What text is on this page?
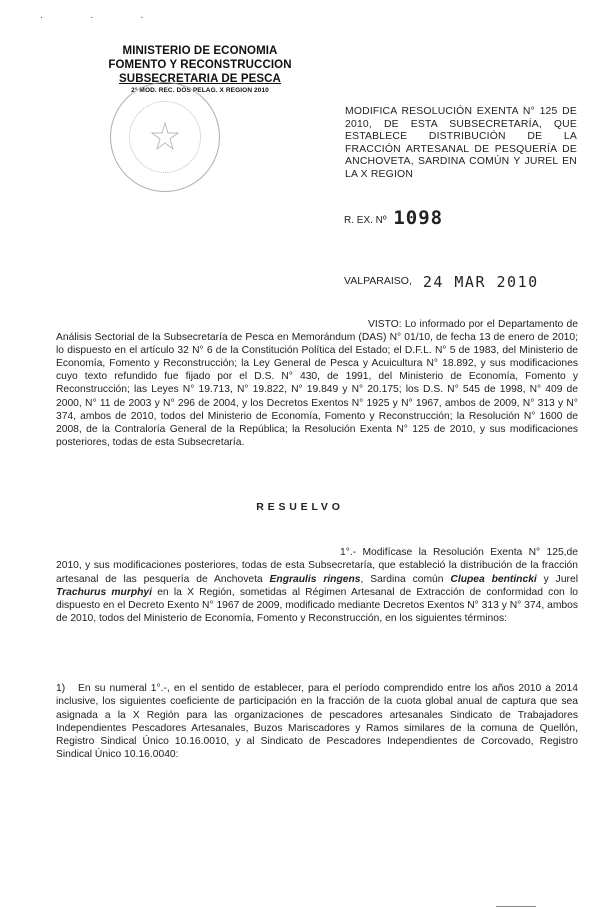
· · ·
MINISTERIO DE ECONOMIA
FOMENTO Y RECONSTRUCCION
SUBSECRETARIA DE PESCA
2° MOD. REC. DOS PELAG. X REGION 2010
MODIFICA RESOLUCIÓN EXENTA N° 125 DE 2010, DE ESTA SUBSECRETARÍA, QUE ESTABLECE DISTRIBUCIÓN DE LA FRACCIÓN ARTESANAL DE PESQUERÍA DE ANCHOVETA, SARDINA COMÚN Y JUREL EN LA X REGION
R. EX. Nº 1098
VALPARAISO, 24 MAR 2010
VISTO: Lo informado por el Departamento de Análisis Sectorial de la Subsecretaría de Pesca en Memorándum (DAS) N° 01/10, de fecha 13 de enero de 2010; lo dispuesto en el artículo 32 N° 6 de la Constitución Política del Estado; el D.F.L. N° 5 de 1983, del Ministerio de Economía, Fomento y Reconstrucción; la Ley General de Pesca y Acuicultura N° 18.892, y sus modificaciones cuyo texto refundido fue fijado por el D.S. N° 430, de 1991, del Ministerio de Economía, Fomento y Reconstrucción; las Leyes N° 19.713, N° 19.822, N° 19.849 y N° 20.175; los D.S. N° 545 de 1998, N° 409 de 2000, N° 11 de 2003 y N° 296 de 2004, y los Decretos Exentos N° 1925 y N° 1967, ambos de 2009, N° 313 y N° 374, ambos de 2010, todos del Ministerio de Economía, Fomento y Reconstrucción; la Resolución N° 1600 de 2008, de la Contraloría General de la República; la Resolución Exenta N° 125 de 2010, y sus modificaciones posteriores, todas de esta Subsecretaría.
RESUELVO
1°.- Modifícase la Resolución Exenta N° 125,de 2010, y sus modificaciones posteriores, todas de esta Subsecretaría, que estableció la distribución de la fracción artesanal de las pesquería de Anchoveta Engraulis ringens, Sardina común Clupea bentincki y Jurel Trachurus murphyi en la X Región, sometidas al Régimen Artesanal de Extracción de conformidad con lo dispuesto en el Decreto Exento N° 1967 de 2009, modificado mediante Decretos Exentos N° 313 y N° 374, ambos de 2010, todos del Ministerio de Economía, Fomento y Reconstrucción, en los siguientes términos:
1) En su numeral 1°.-, en el sentido de establecer, para el período comprendido entre los años 2010 a 2014 inclusive, los siguientes coeficiente de participación en la fracción de la cuota global anual de captura que sea asignada a la X Región para las organizaciones de pescadores artesanales Sindicato de Trabajadores Independientes Pescadores Artesanales, Buzos Mariscadores y Ramos similares de la comuna de Quellón, Registro Sindical Único 10.16.0010, y al Sindicato de Pescadores Independientes de Corcovado, Registro Sindical Único 10.16.0040:
